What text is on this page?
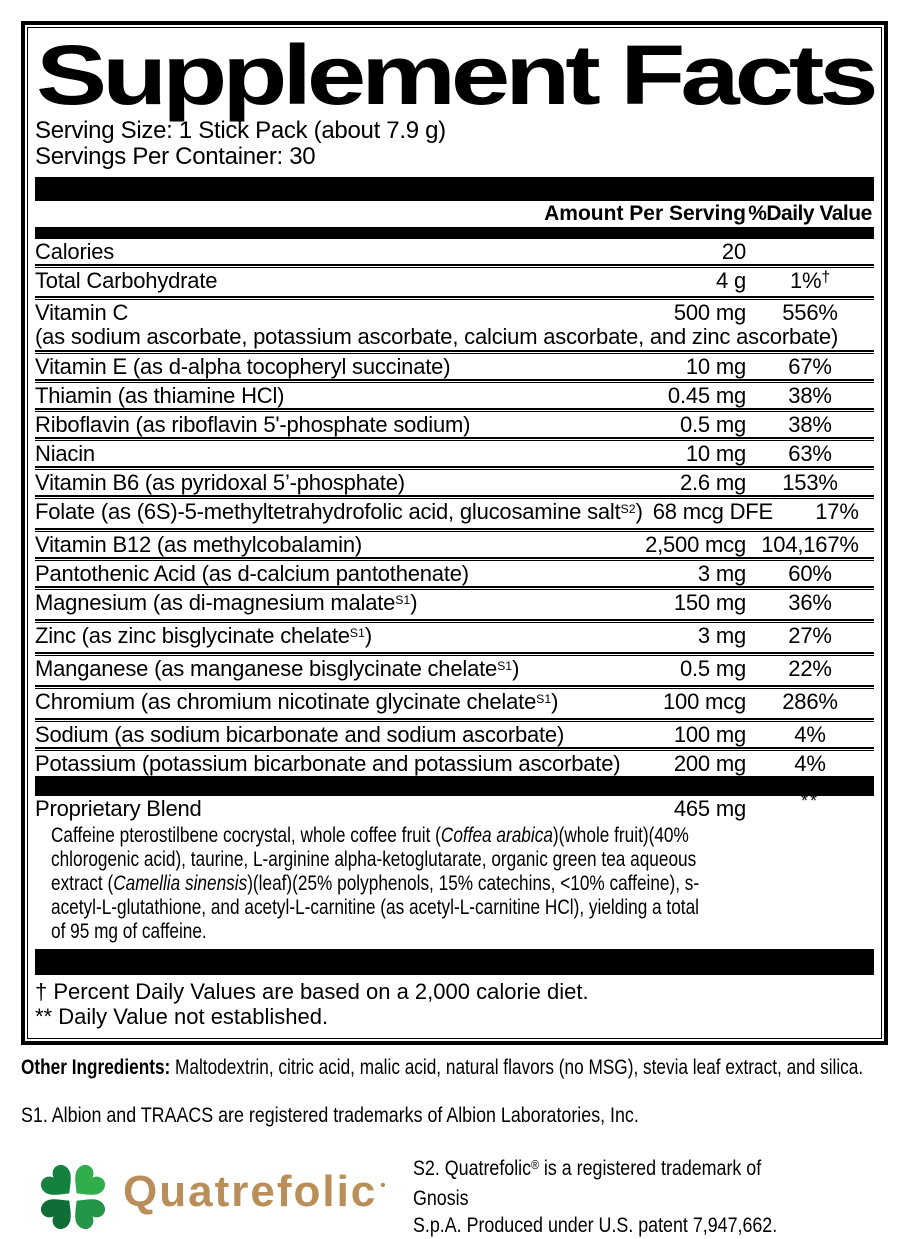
Supplement Facts
Serving Size: 1 Stick Pack (about 7.9 g)
Servings Per Container: 30
Amount Per Serving %Daily Value
Calories	20
Total Carbohydrate	4 g	1%†
Vitamin C	500 mg	556%
(as sodium ascorbate, potassium ascorbate, calcium ascorbate, and zinc ascorbate)
Vitamin E (as d-alpha tocopheryl succinate)	10 mg	67%
Thiamin (as thiamine HCl)	0.45 mg	38%
Riboflavin (as riboflavin 5'-phosphate sodium)	0.5 mg	38%
Niacin	10 mg	63%
Vitamin B6 (as pyridoxal 5’-phosphate)	2.6 mg	153%
Folate (as (6S)-5-methyltetrahydrofolic acid, glucosamine salt$^{S2}$) 68 mcg DFE	17%
Vitamin B12 (as methylcobalamin)	2,500 mcg 104,167%
Pantothenic Acid (as d-calcium pantothenate)	3 mg	60%
Magnesium (as di-magnesium malate$^{S1}$)	150 mg	36%
Zinc (as zinc bisglycinate chelate$^{S1}$)	3 mg	27%
Manganese (as manganese bisglycinate chelate$^{S1}$)	0.5 mg	22%
Chromium (as chromium nicotinate glycinate chelate$^{S1}$)	100 mcg	286%
Sodium (as sodium bicarbonate and sodium ascorbate)	100 mg	4%
Potassium (potassium bicarbonate and potassium ascorbate)	200 mg	4%
Proprietary Blend	465 mg	**
Caffeine pterostilbene cocrystal, whole coffee fruit (Coffea arabica)(whole fruit)(40% chlorogenic acid), taurine, L-arginine alpha-ketoglutarate, organic green tea aqueous extract (Camellia sinensis)(leaf)(25% polyphenols, 15% catechins, <10% caffeine), s-acetyl-L-glutathione, and acetyl-L-carnitine (as acetyl-L-carnitine HCl), yielding a total of 95 mg of caffeine.
† Percent Daily Values are based on a 2,000 calorie diet.
** Daily Value not established.
Other Ingredients: Maltodextrin, citric acid, malic acid, natural flavors (no MSG), stevia leaf extract, and silica.
S1. Albion and TRAACS are registered trademarks of Albion Laboratories, Inc.
Quatrefolic •
S2. Quatrefolic® is a registered trademark of Gnosis
S.p.A. Produced under U.S. patent 7,947,662.
